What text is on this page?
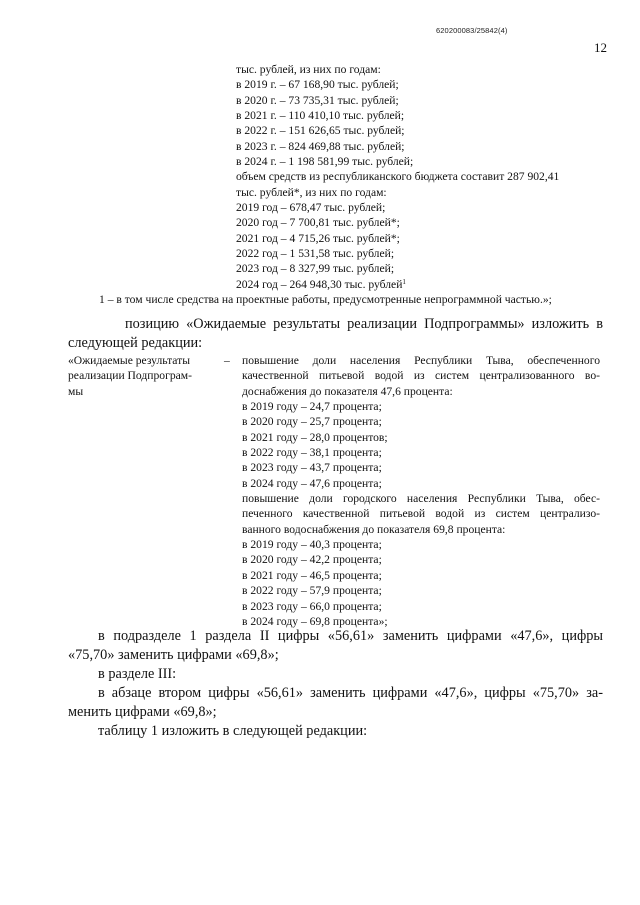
620200083/25842(4)
12
тыс. рублей, из них по годам:
в 2019 г. – 67 168,90 тыс. рублей;
в 2020 г. – 73 735,31 тыс. рублей;
в 2021 г. – 110 410,10 тыс. рублей;
в 2022 г. – 151 626,65 тыс. рублей;
в 2023 г. – 824 469,88 тыс. рублей;
в 2024 г. – 1 198 581,99 тыс. рублей;
объем средств из республиканского бюджета составит 287 902,41
тыс. рублей*, из них по годам:
2019 год – 678,47 тыс. рублей;
2020 год – 7 700,81 тыс. рублей*;
2021 год – 4 715,26 тыс. рублей*;
2022 год – 1 531,58 тыс. рублей;
2023 год – 8 327,99 тыс. рублей;
2024 год – 264 948,30 тыс. рублей$^1$
1 – в том числе средства на проектные работы, предусмотренные непрограммной частью.»;
позицию «Ожидаемые результаты реализации Подпрограммы» изложить в
следующей редакции:
«Ожидаемые результаты
реализации Подпрограм-
мы
– повышение доли населения Республики Тыва, обеспеченного
качественной питьевой водой из систем централизованного во-
доснабжения до показателя 47,6 процента:
в 2019 году – 24,7 процента;
в 2020 году – 25,7 процента;
в 2021 году – 28,0 процентов;
в 2022 году – 38,1 процента;
в 2023 году – 43,7 процента;
в 2024 году – 47,6 процента;
повышение доли городского населения Республики Тыва, обес-
печенного качественной питьевой водой из систем централизо-
ванного водоснабжения до показателя 69,8 процента:
в 2019 году – 40,3 процента;
в 2020 году – 42,2 процента;
в 2021 году – 46,5 процента;
в 2022 году – 57,9 процента;
в 2023 году – 66,0 процента;
в 2024 году – 69,8 процента»;
в подразделе 1 раздела II цифры «56,61» заменить цифрами «47,6», цифры
«75,70» заменить цифрами «69,8»;
в разделе III:
в абзаце втором цифры «56,61» заменить цифрами «47,6», цифры «75,70» за-
менить цифрами «69,8»;
таблицу 1 изложить в следующей редакции:
